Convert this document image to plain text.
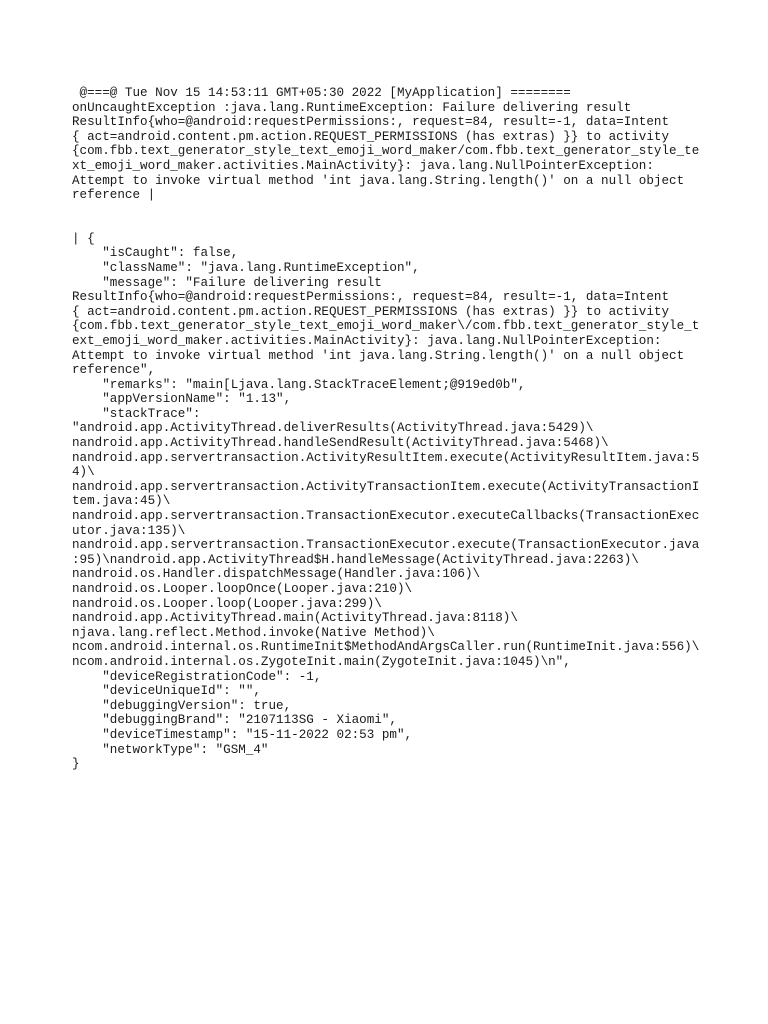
@===@ Tue Nov 15 14:53:11 GMT+05:30 2022 [MyApplication] ========
onUncaughtException :java.lang.RuntimeException: Failure delivering result
ResultInfo{who=@android:requestPermissions:, request=84, result=-1, data=Intent
{ act=android.content.pm.action.REQUEST_PERMISSIONS (has extras) }} to activity
{com.fbb.text_generator_style_text_emoji_word_maker/com.fbb.text_generator_style_te
xt_emoji_word_maker.activities.MainActivity}: java.lang.NullPointerException:
Attempt to invoke virtual method 'int java.lang.String.length()' on a null object
reference |
| {
"isCaught": false,
"className": "java.lang.RuntimeException",
"message": "Failure delivering result
ResultInfo{who=@android:requestPermissions:, request=84, result=-1, data=Intent
{ act=android.content.pm.action.REQUEST_PERMISSIONS (has extras) }} to activity
{com.fbb.text_generator_style_text_emoji_word_maker\/com.fbb.text_generator_style_t
ext_emoji_word_maker.activities.MainActivity}: java.lang.NullPointerException:
Attempt to invoke virtual method 'int java.lang.String.length()' on a null object
reference",
"remarks": "main[Ljava.lang.StackTraceElement;@919ed0b",
"appVersionName": "1.13",
"stackTrace":
"android.app.ActivityThread.deliverResults(ActivityThread.java:5429)\
nandroid.app.ActivityThread.handleSendResult(ActivityThread.java:5468)\
nandroid.app.servertransaction.ActivityResultItem.execute(ActivityResultItem.java:5
4)\
nandroid.app.servertransaction.ActivityTransactionItem.execute(ActivityTransactionI
tem.java:45)\
nandroid.app.servertransaction.TransactionExecutor.executeCallbacks(TransactionExec
utor.java:135)\
nandroid.app.servertransaction.TransactionExecutor.execute(TransactionExecutor.java
:95)\nandroid.app.ActivityThread$H.handleMessage(ActivityThread.java:2263)\
nandroid.os.Handler.dispatchMessage(Handler.java:106)\
nandroid.os.Looper.loopOnce(Looper.java:210)\
nandroid.os.Looper.loop(Looper.java:299)\
nandroid.app.ActivityThread.main(ActivityThread.java:8118)\
njava.lang.reflect.Method.invoke(Native Method)\
ncom.android.internal.os.RuntimeInit$MethodAndArgsCaller.run(RuntimeInit.java:556)\
ncom.android.internal.os.ZygoteInit.main(ZygoteInit.java:1045)\n",
"deviceRegistrationCode": -1,
"deviceUniqueId": "",
"debuggingVersion": true,
"debuggingBrand": "2107113SG - Xiaomi",
"deviceTimestamp": "15-11-2022 02:53 pm",
"networkType": "GSM_4"
}
